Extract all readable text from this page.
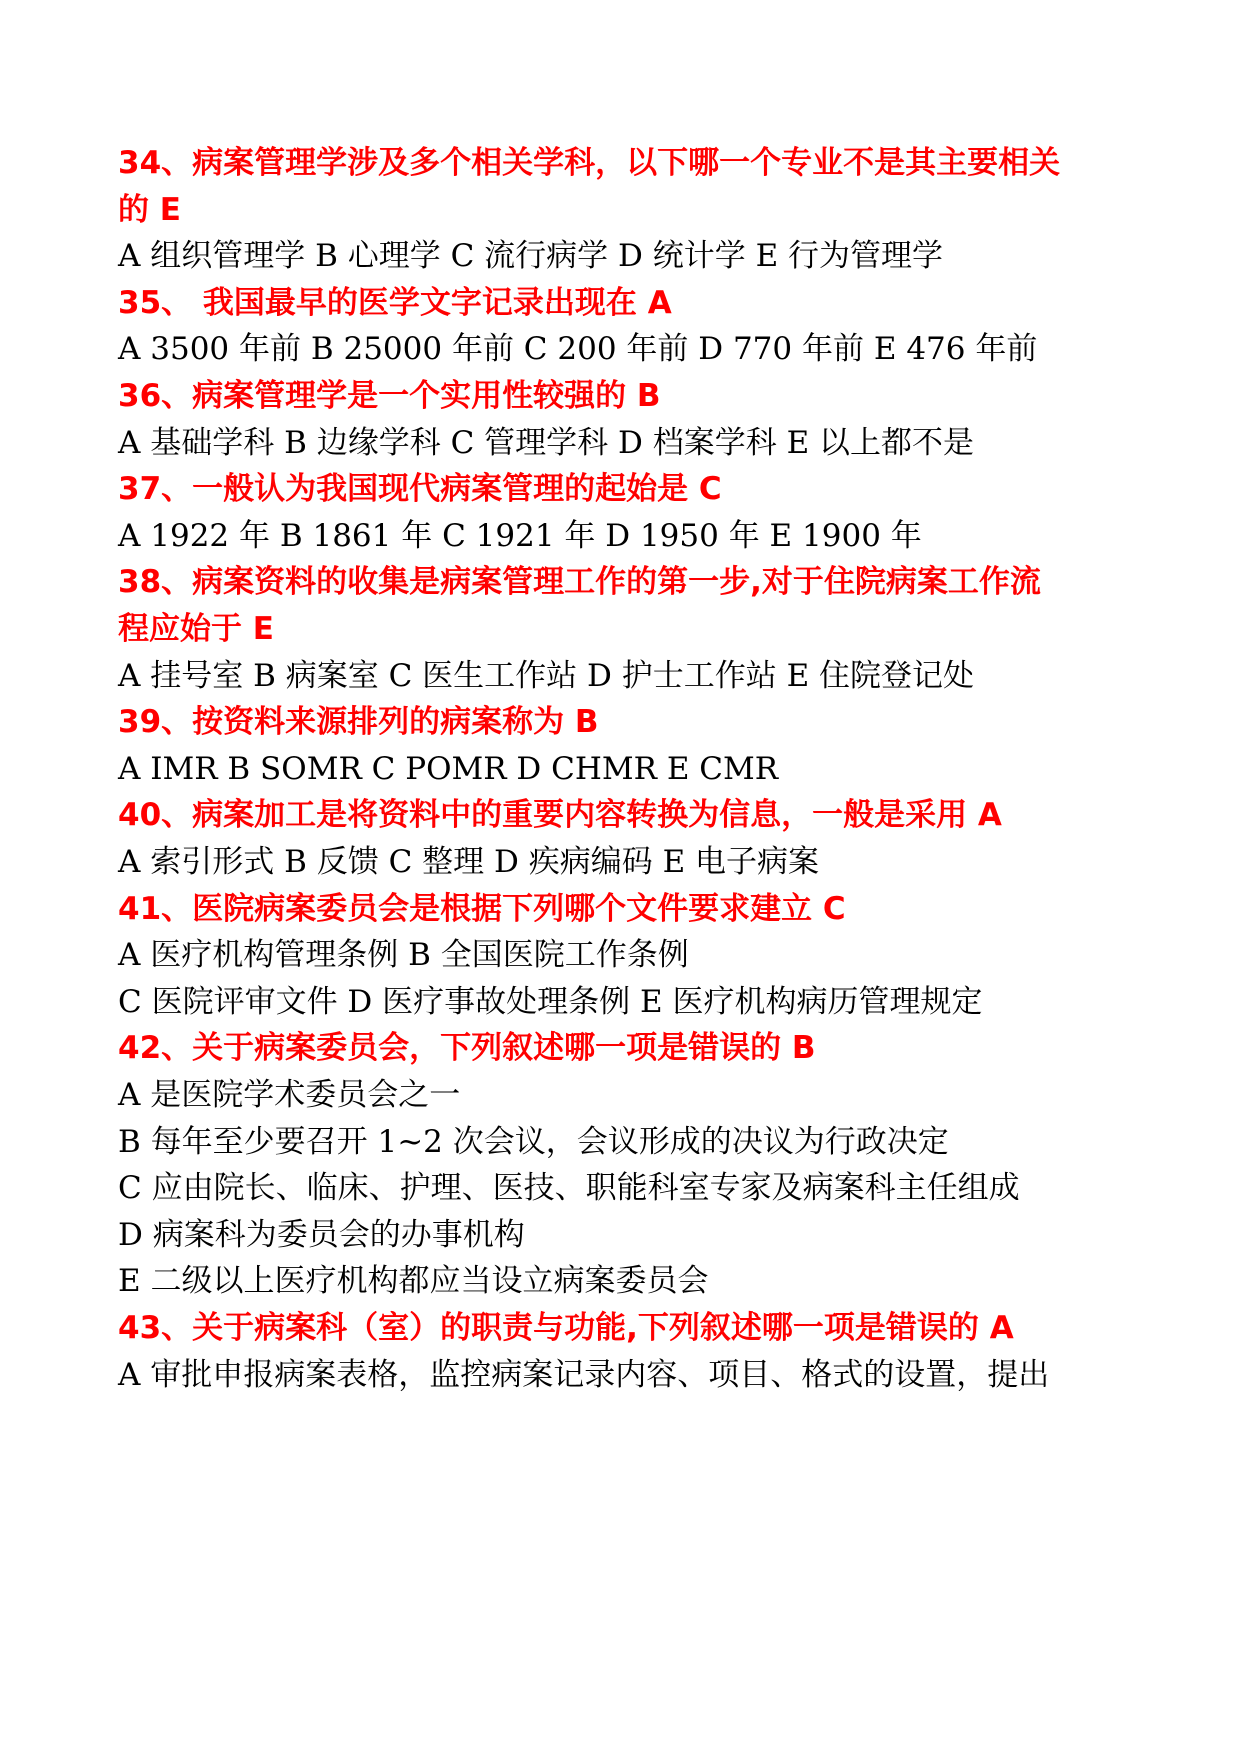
34、病案管理学涉及多个相关学科，以下哪一个专业不是其主要相关
的 E
A 组织管理学 B 心理学 C 流行病学 D 统计学 E 行为管理学
35、 我国最早的医学文字记录出现在 A
A 3500 年前 B 25000 年前 C 200 年前 D 770 年前 E 476 年前
36、病案管理学是一个实用性较强的 B
A 基础学科 B 边缘学科 C 管理学科 D 档案学科 E 以上都不是
37、一般认为我国现代病案管理的起始是 C
A 1922 年 B 1861 年 C 1921 年 D 1950 年 E 1900 年
38、病案资料的收集是病案管理工作的第一步,对于住院病案工作流
程应始于 E
A 挂号室 B 病案室 C 医生工作站 D 护士工作站 E 住院登记处
39、按资料来源排列的病案称为 B
A IMR B SOMR C POMR D CHMR E CMR
40、病案加工是将资料中的重要内容转换为信息，一般是采用 A
A 索引形式 B 反馈 C 整理 D 疾病编码 E 电子病案
41、医院病案委员会是根据下列哪个文件要求建立 C
A 医疗机构管理条例 B 全国医院工作条例
C 医院评审文件 D 医疗事故处理条例 E 医疗机构病历管理规定
42、关于病案委员会，下列叙述哪一项是错误的 B
A 是医院学术委员会之一
B 每年至少要召开 1~2 次会议，会议形成的决议为行政决定
C 应由院长、临床、护理、医技、职能科室专家及病案科主任组成
D 病案科为委员会的办事机构
E 二级以上医疗机构都应当设立病案委员会
43、关于病案科（室）的职责与功能,下列叙述哪一项是错误的 A
A 审批申报病案表格，监控病案记录内容、项目、格式的设置，提出
